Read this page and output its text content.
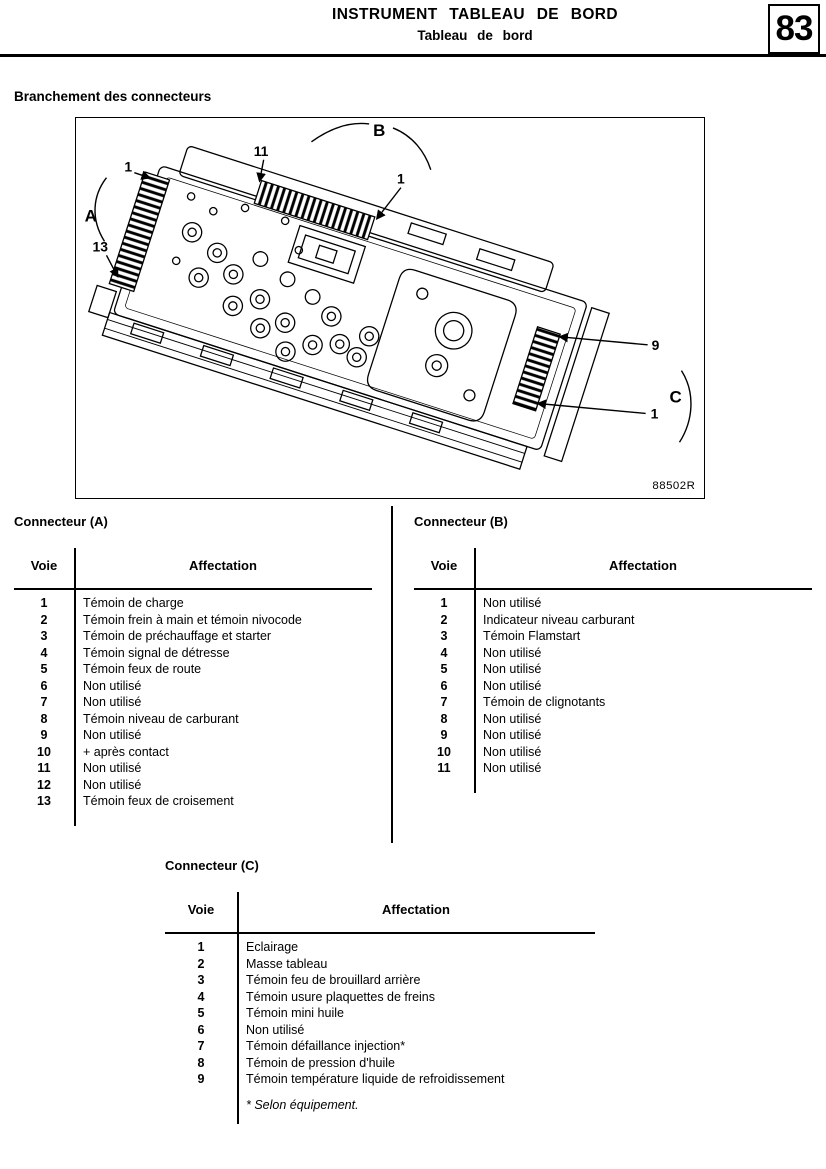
INSTRUMENT TABLEAU DE BORD
Tableau de bord	83
Branchement des connecteurs
A
B
C
1
13
11
1
9
1
88502R
Connecteur (A)
Voie	Affectation
1	Témoin de charge
2	Témoin frein à main et témoin nivocode
3	Témoin de préchauffage et starter
4	Témoin signal de détresse
5	Témoin feux de route
6	Non utilisé
7	Non utilisé
8	Témoin niveau de carburant
9	Non utilisé
10	+ après contact
11	Non utilisé
12	Non utilisé
13	Témoin feux de croisement
Connecteur (B)
Voie	Affectation
1	Non utilisé
2	Indicateur niveau carburant
3	Témoin Flamstart
4	Non utilisé
5	Non utilisé
6	Non utilisé
7	Témoin de clignotants
8	Non utilisé
9	Non utilisé
10	Non utilisé
11	Non utilisé
Connecteur (C)
Voie	Affectation
1	Eclairage
2	Masse tableau
3	Témoin feu de brouillard arrière
4	Témoin usure plaquettes de freins
5	Témoin mini huile
6	Non utilisé
7	Témoin défaillance injection*
8	Témoin de pression d'huile
9	Témoin température liquide de refroidissement
* Selon équipement.
